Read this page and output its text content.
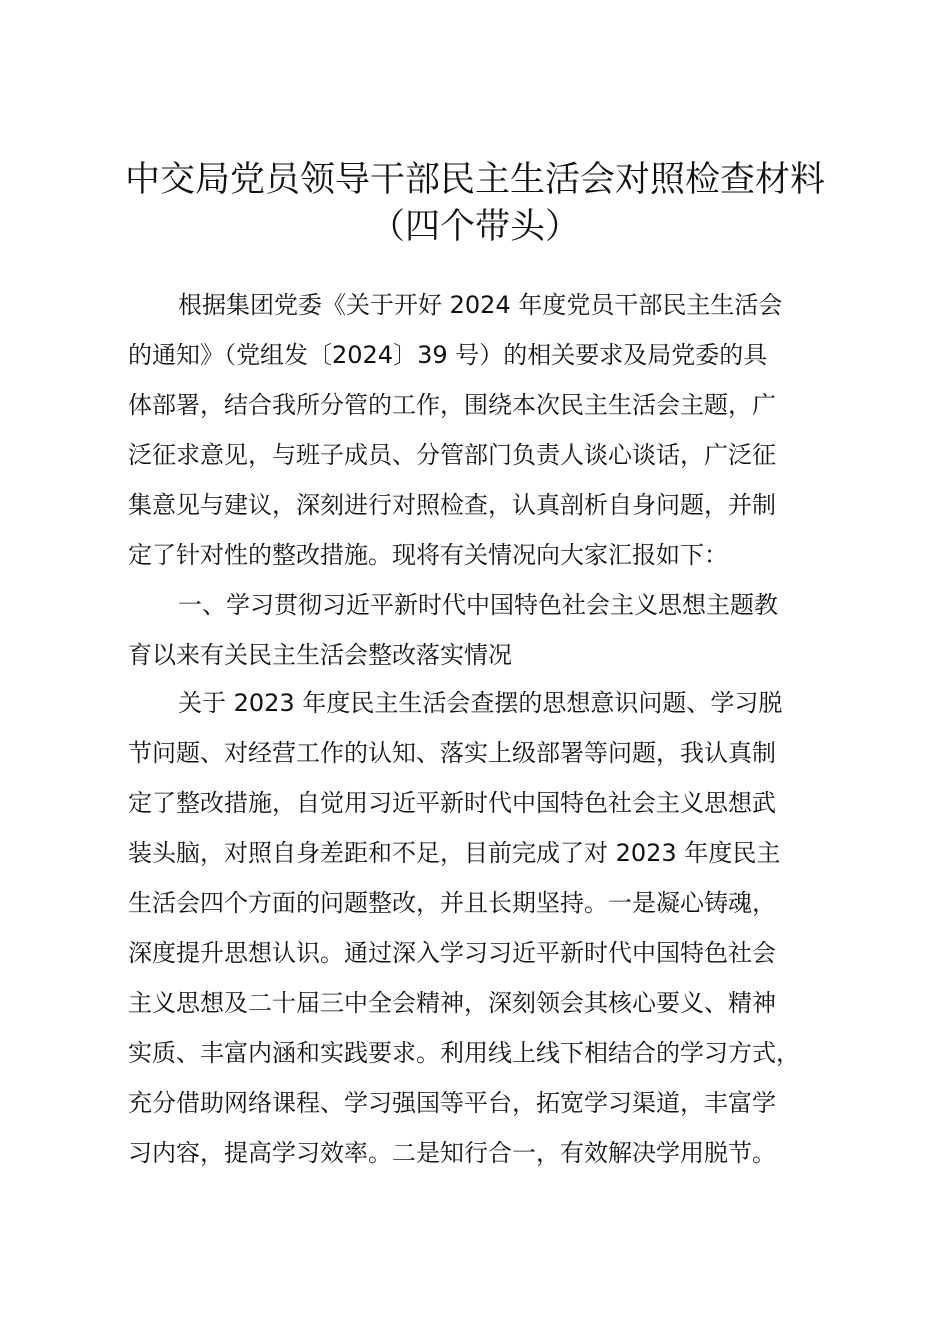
中交局党员领导干部民主生活会对照检查材料
（四个带头）
根据集团党委《关于开好 2024 年度党员干部民主生活会
的通知》（党组发〔2024〕39 号）的相关要求及局党委的具
体部署，结合我所分管的工作，围绕本次民主生活会主题，广
泛征求意见，与班子成员、分管部门负责人谈心谈话，广泛征
集意见与建议，深刻进行对照检查，认真剖析自身问题，并制
定了针对性的整改措施。现将有关情况向大家汇报如下：
一、学习贯彻习近平新时代中国特色社会主义思想主题教
育以来有关民主生活会整改落实情况
关于 2023 年度民主生活会查摆的思想意识问题、学习脱
节问题、对经营工作的认知、落实上级部署等问题，我认真制
定了整改措施，自觉用习近平新时代中国特色社会主义思想武
装头脑，对照自身差距和不足，目前完成了对 2023 年度民主
生活会四个方面的问题整改，并且长期坚持。一是凝心铸魂，
深度提升思想认识。通过深入学习习近平新时代中国特色社会
主义思想及二十届三中全会精神，深刻领会其核心要义、精神
实质、丰富内涵和实践要求。利用线上线下相结合的学习方式，
充分借助网络课程、学习强国等平台，拓宽学习渠道，丰富学
习内容，提高学习效率。二是知行合一，有效解决学用脱节。
